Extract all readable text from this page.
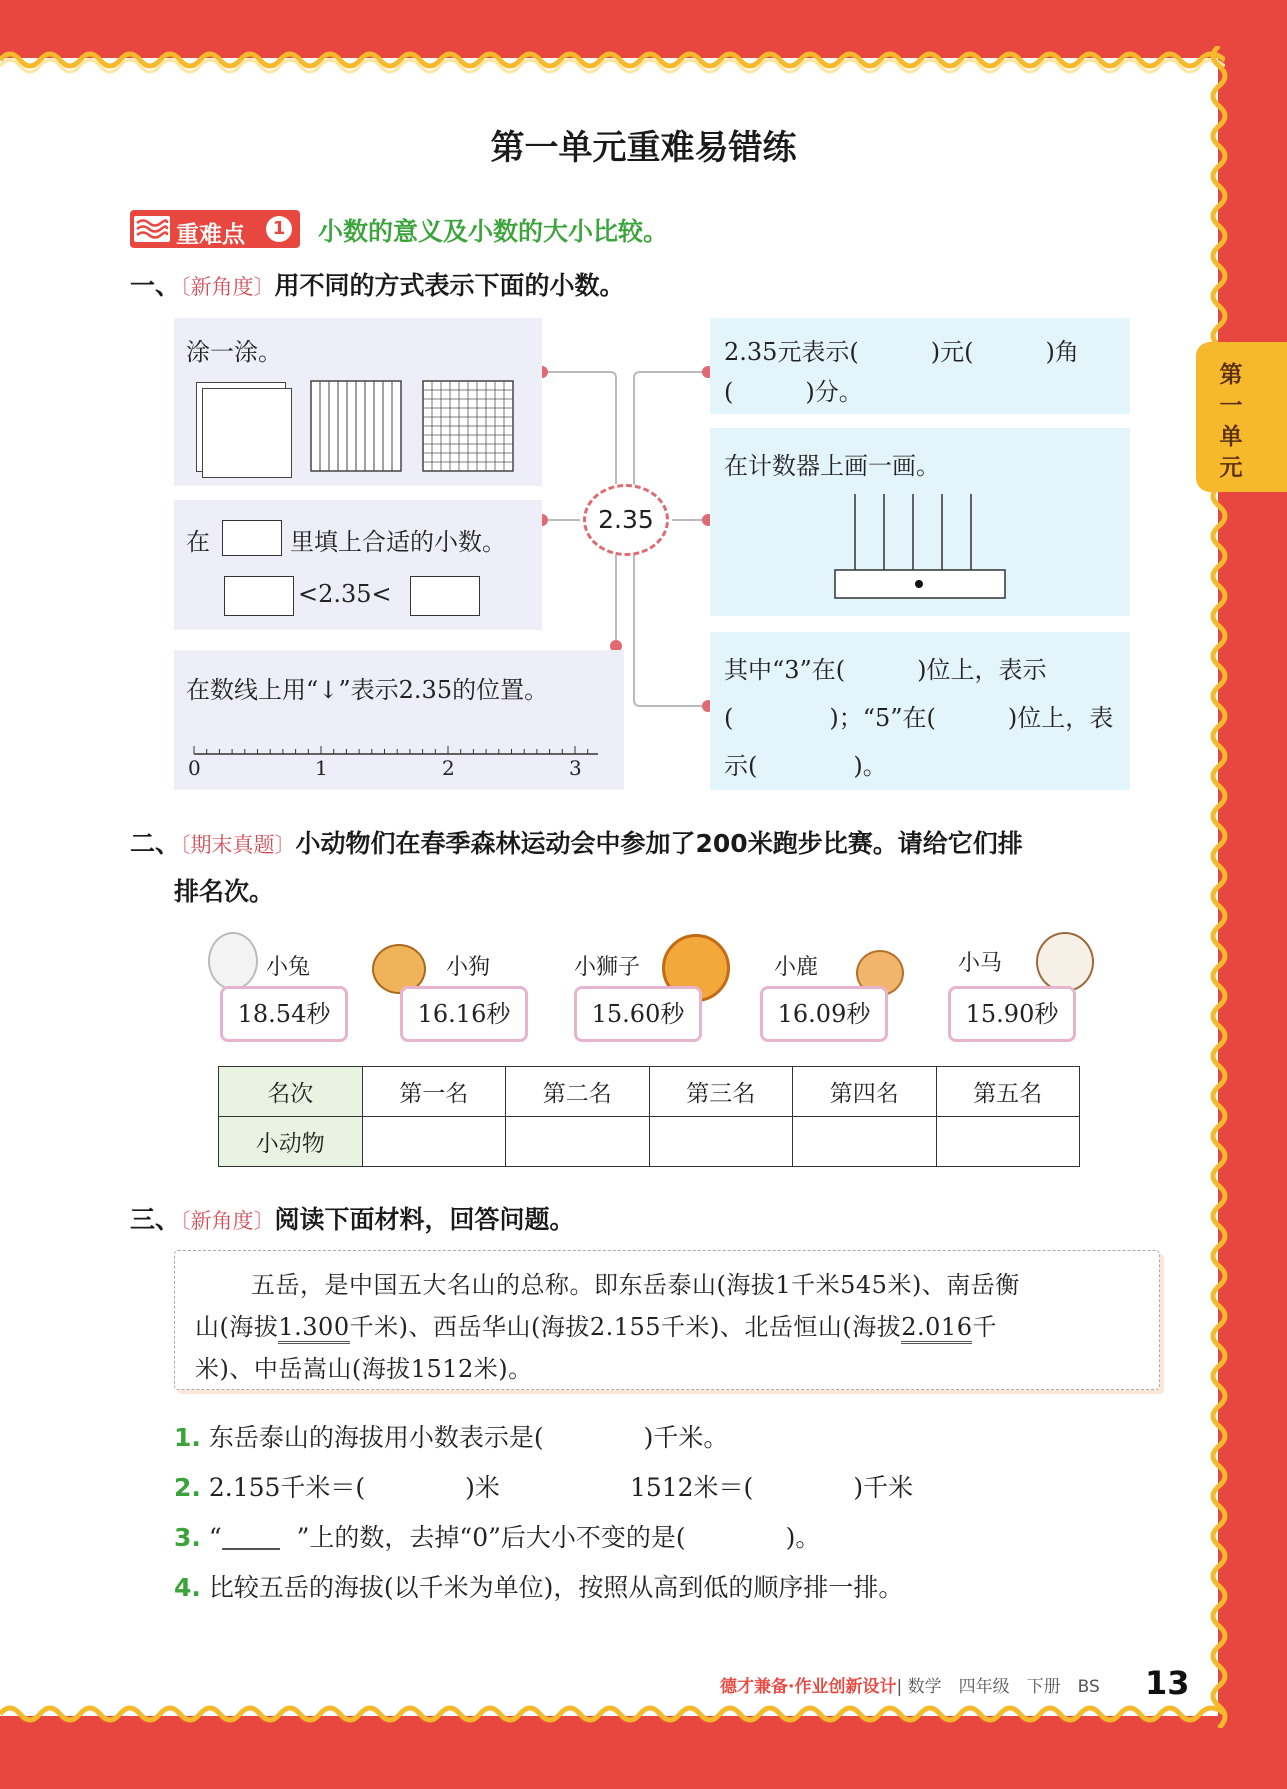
第一单元重难易错练
第一单元
重难点	1 小数的意义及小数的大小比较。
一、〔新角度〕用不同的方式表示下面的小数。
2.35
涂一涂。
在	里填上合适的小数。
<2.35<
在数线上用“↓”表示2.35的位置。
0	1	2	3
2.35元表示(　　　)元(　　　)角
(　　　)分。
在计数器上画一画。
其中“3”在(　　　)位上，表示
(　　　　)；“5”在(　　　)位上，表
示(　　　　)。
二、〔期末真题〕小动物们在春季森林运动会中参加了200米跑步比赛。请给它们排
排名次。
小兔
18.54秒
小狗
16.16秒
小狮子
15.60秒
小鹿
16.09秒
小马
15.90秒
名次	第一名	第二名	第三名	第四名	第五名
小动物					
三、〔新角度〕阅读下面材料，回答问题。

五岳，是中国五大名山的总称。即东岳泰山(海拔1千米545米)、南岳衡

山(海拔1.300千米)、西岳华山(海拔2.155千米)、北岳恒山(海拔2.016千

米)、中岳嵩山(海拔1512米)。

1. 东岳泰山的海拔用小数表示是(　　　　)千米。
2. 2.155千米＝(　　　　)米	1512米＝(　　　　)千米
3. “　　　”上的数，去掉“0”后大小不变的是(　　　　)。
4. 比较五岳的海拔(以千米为单位)，按照从高到低的顺序排一排。
德才兼备·作业创新设计| 数学　四年级　下册　BS 13
